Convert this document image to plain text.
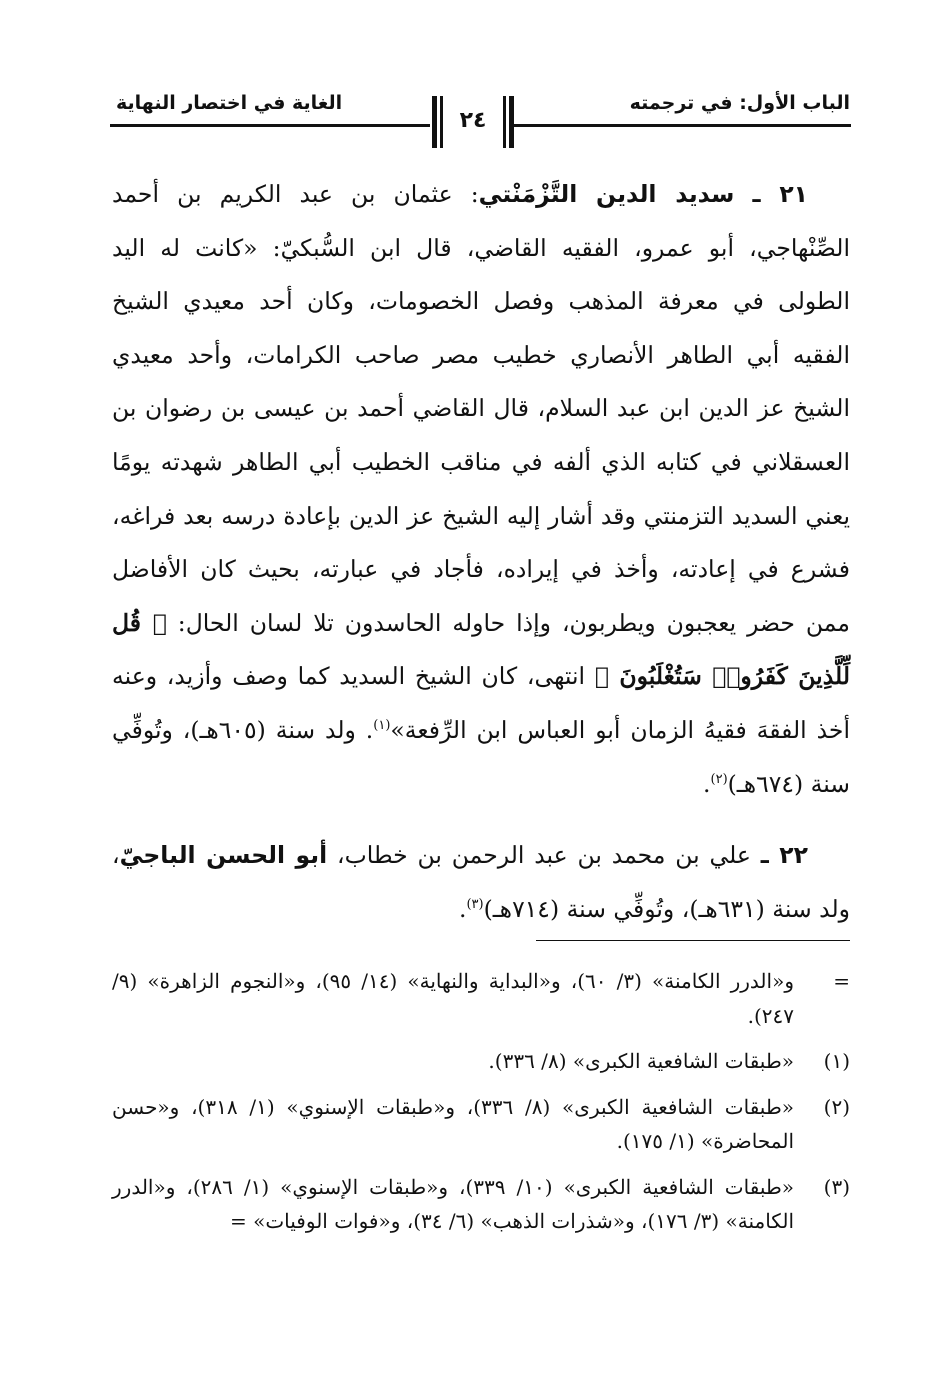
الباب الأول: في ترجمته
الغاية في اختصار النهاية
٢٤

٢١ ـ سديد الدين التَّزْمَنْتي: عثمان بن عبد الكريم بن أحمد الصِّنْهاجي، أبو عمرو، الفقيه القاضي، قال ابن السُّبكيّ: «كانت له اليد الطولى في معرفة المذهب وفصل الخصومات، وكان أحد معيدي الشيخ الفقيه أبي الطاهر الأنصاري خطيب مصر صاحب الكرامات، وأحد معيدي الشيخ عز الدين ابن عبد السلام، قال القاضي أحمد بن عيسى بن رضوان بن العسقلاني في كتابه الذي ألفه في مناقب الخطيب أبي الطاهر شهدته يومًا يعني السديد التزمنتي وقد أشار إليه الشيخ عز الدين بإعادة درسه بعد فراغه، فشرع في إعادته، وأخذ في إيراده، فأجاد في عبارته، بحيث كان الأفاضل ممن حضر يعجبون ويطربون، وإذا حاوله الحاسدون تلا لسان الحال: ﴿ قُل لِّلَّذِينَ كَفَرُوا۟ سَتُغْلَبُونَ ﴾ انتهى، كان الشيخ السديد كما وصف وأزيد، وعنه أخذ الفقهَ فقيهُ الزمان أبو العباس ابن الرِّفعة»$^{(١)}$. ولد سنة (٦٠٥هـ)، وتُوفِّي سنة (٦٧٤هـ)$^{(٢)}$.

٢٢ ـ علي بن محمد بن عبد الرحمن بن خطاب، أبو الحسن الباجيّ، ولد سنة (٦٣١هـ)، وتُوفِّي سنة (٧١٤هـ)$^{(٣)}$.

=
و«الدرر الكامنة» (٣/ ٦٠)، و«البداية والنهاية» (١٤/ ٩٥)، و«النجوم الزاهرة» (٩/ ٢٤٧).
(١)
«طبقات الشافعية الكبرى» (٨/ ٣٣٦).
(٢)
«طبقات الشافعية الكبرى» (٨/ ٣٣٦)، و«طبقات الإسنوي» (١/ ٣١٨)، و«حسن المحاضرة» (١/ ١٧٥).
(٣)
«طبقات الشافعية الكبرى» (١٠/ ٣٣٩)، و«طبقات الإسنوي» (١/ ٢٨٦)، و«الدرر الكامنة» (٣/ ١٧٦)، و«شذرات الذهب» (٦/ ٣٤)، و«فوات الوفيات» =
